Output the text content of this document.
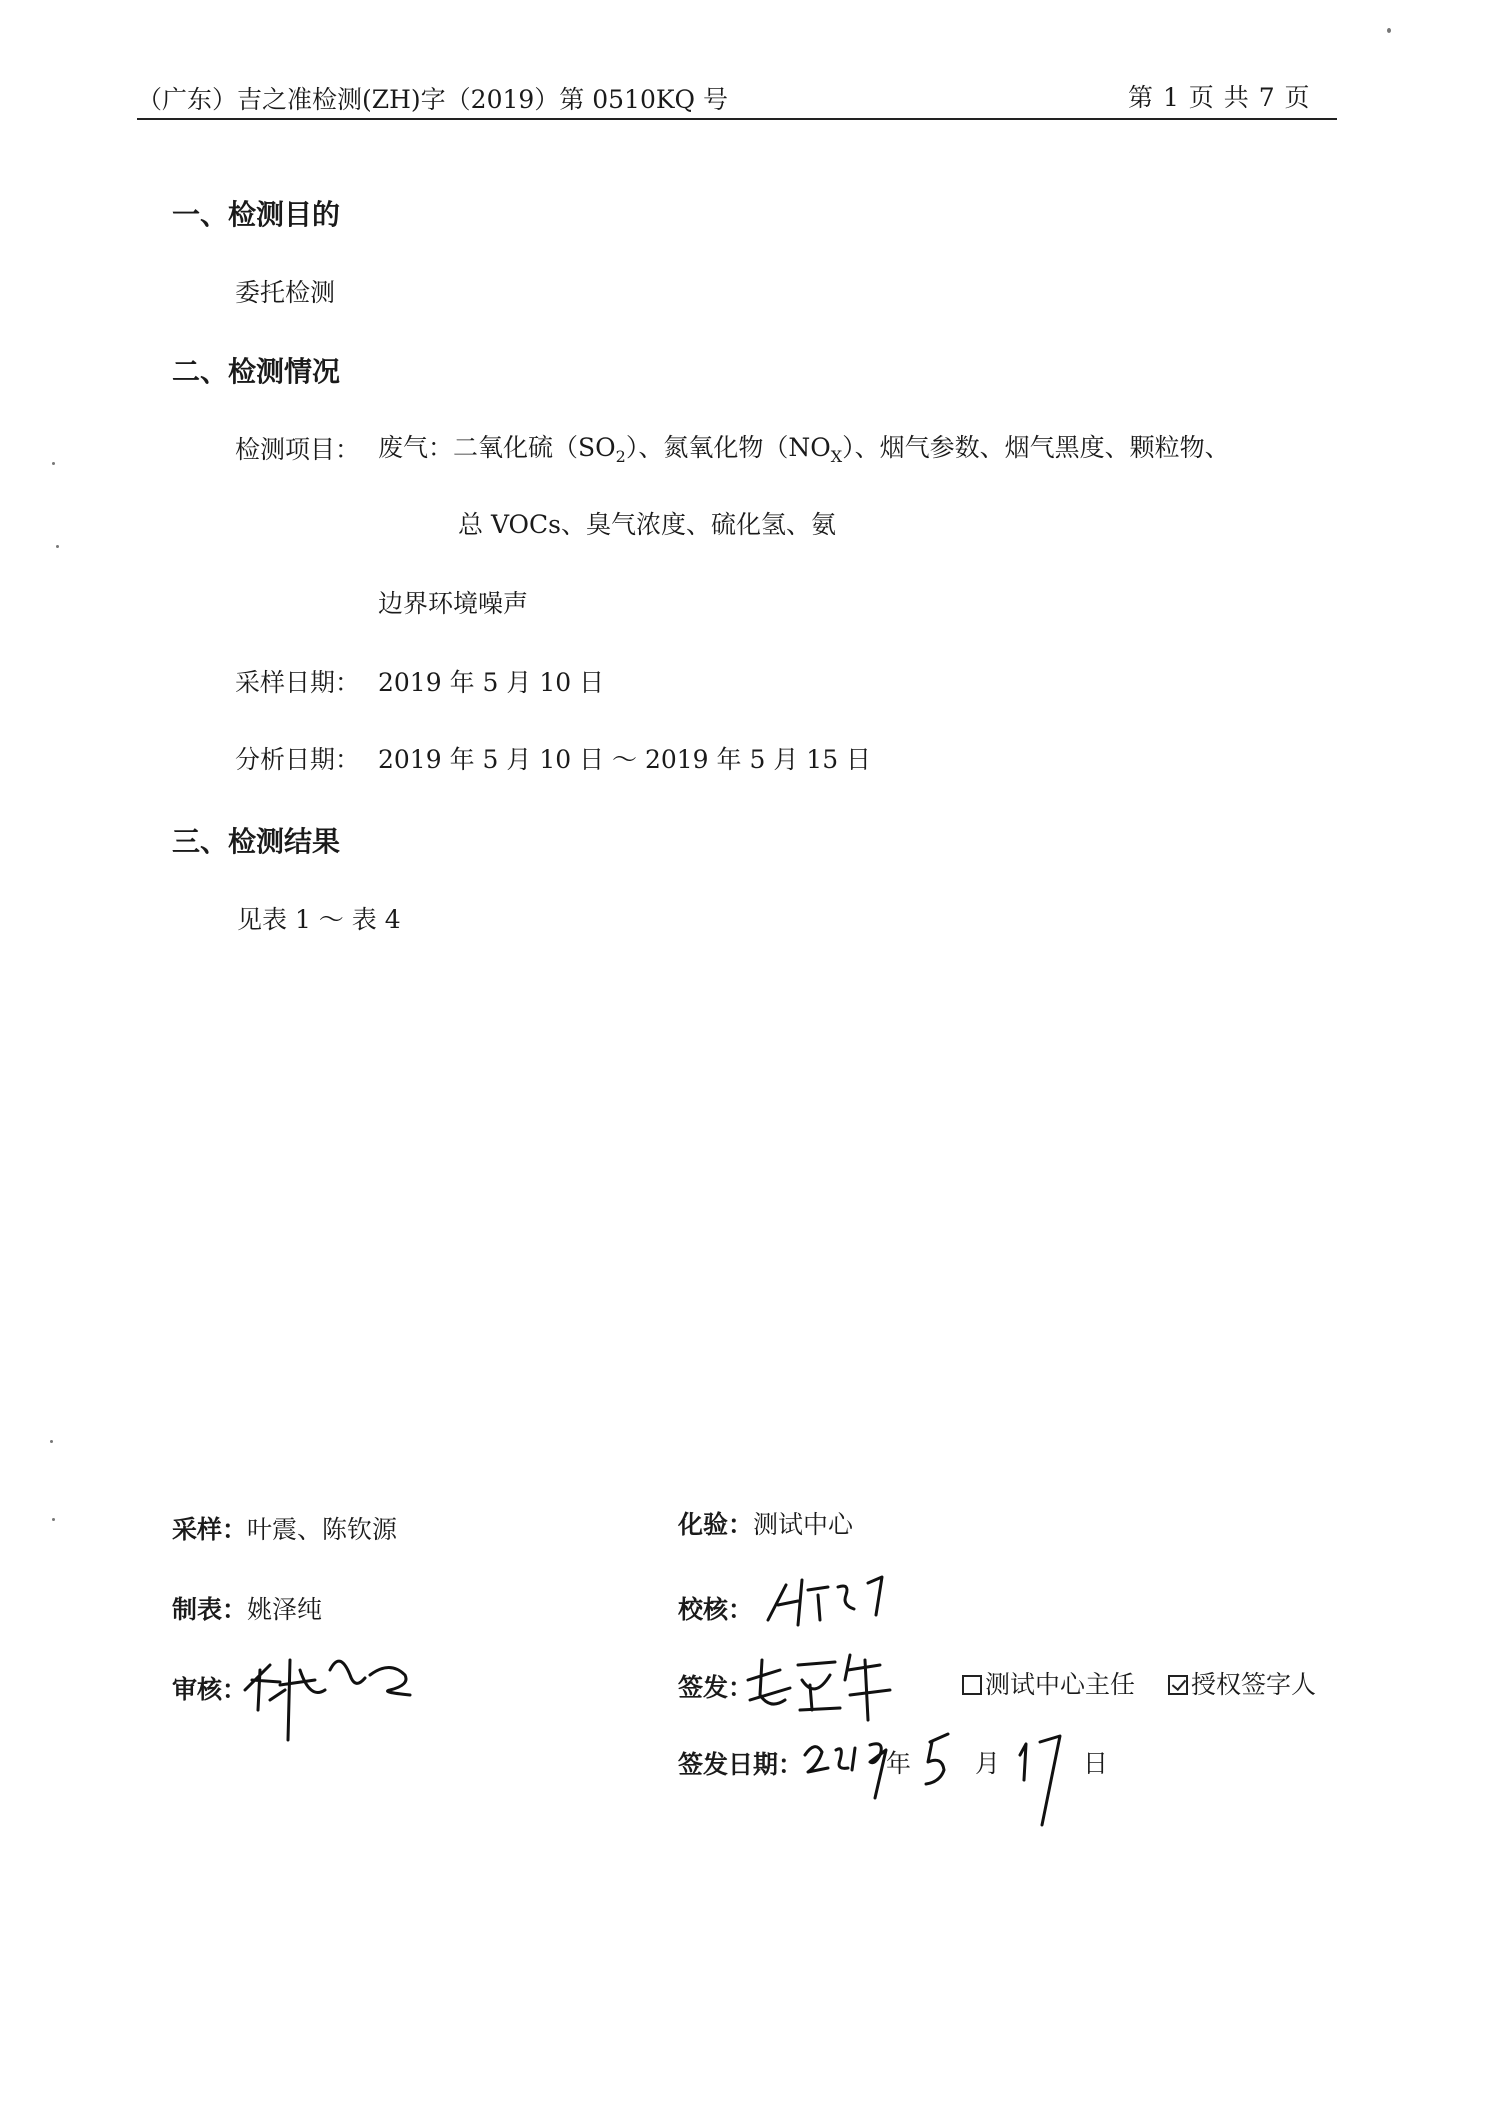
（广东）吉之准检测(ZH)字（2019）第 0510KQ 号	第 1 页 共 7 页
一、检测目的
委托检测
二、检测情况
检测项目： 废气：二氧化硫$(SO_2)$、氮氧化物$(NO_X)$、烟气参数、烟气黑度、颗粒物、
总 VOCs、臭气浓度、硫化氢、氨
边界环境噪声
采样日期： 2019 年 5 月 10 日
分析日期： 2019 年 5 月 10 日 ～ 2019 年 5 月 15 日
三、检测结果
见表 1 ～ 表 4
采样：叶震、陈钦源	化验：测试中心
制表：姚泽纯	校核：
审核：	签发：	测试中心主任	授权签字人
签发日期：	年	月	日
